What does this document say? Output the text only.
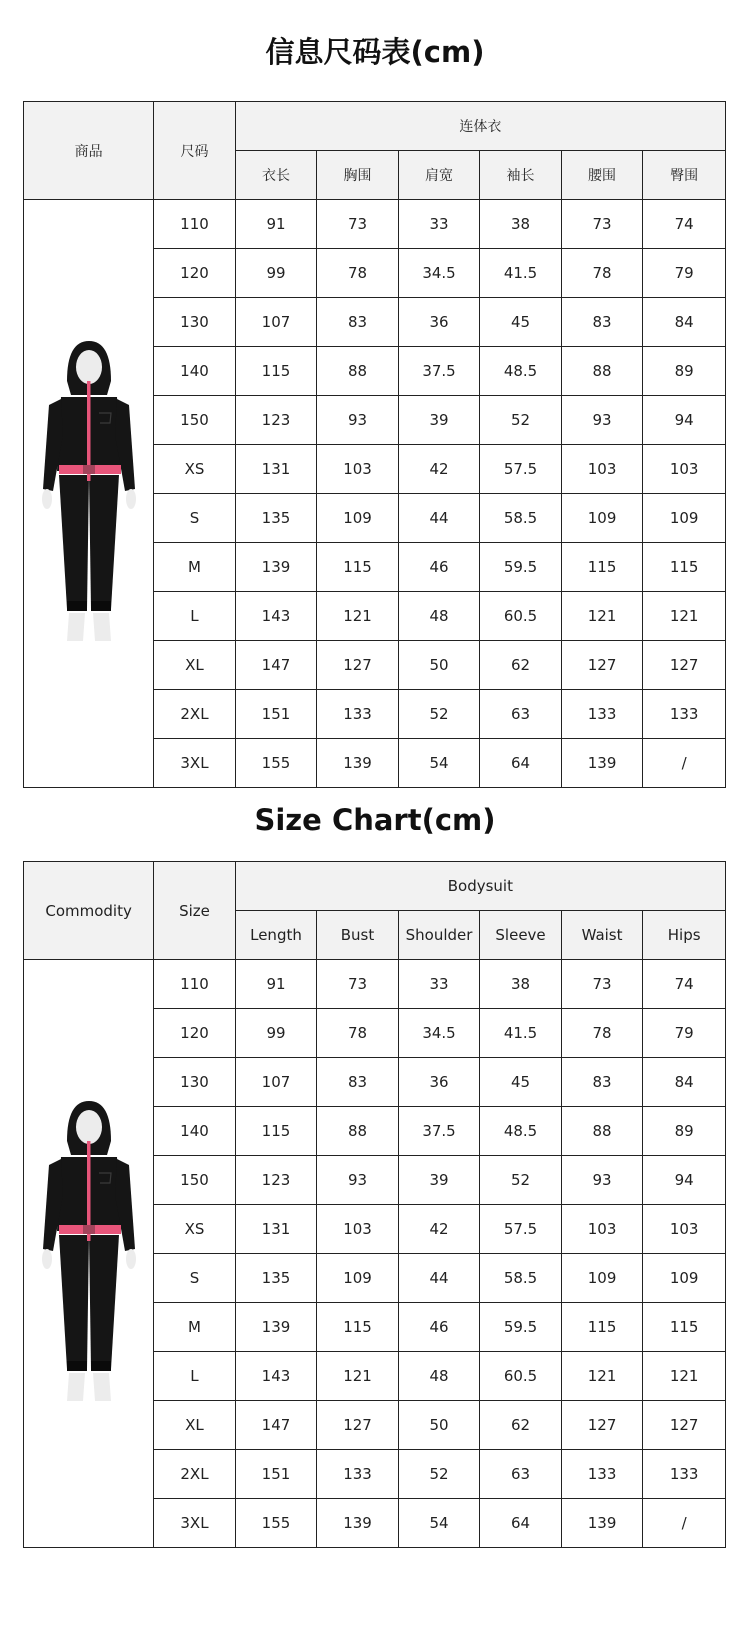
信息尺码表(cm)
商品	尺码	连体衣					
		衣长	胸围	肩宽	袖长	腰围	臀围

	110	91	73	33	38	73	74
	120	99	78	34.5	41.5	78	79
	130	107	83	36	45	83	84
	140	115	88	37.5	48.5	88	89
	150	123	93	39	52	93	94
	XS	131	103	42	57.5	103	103
	S	135	109	44	58.5	109	109
	M	139	115	46	59.5	115	115
	L	143	121	48	60.5	121	121
	XL	147	127	50	62	127	127
	2XL	151	133	52	63	133	133
	3XL	155	139	54	64	139	/
Size Chart(cm)
Commodity	Size	Bodysuit					
		Length	Bust	Shoulder	Sleeve	Waist	Hips

	110	91	73	33	38	73	74
	120	99	78	34.5	41.5	78	79
	130	107	83	36	45	83	84
	140	115	88	37.5	48.5	88	89
	150	123	93	39	52	93	94
	XS	131	103	42	57.5	103	103
	S	135	109	44	58.5	109	109
	M	139	115	46	59.5	115	115
	L	143	121	48	60.5	121	121
	XL	147	127	50	62	127	127
	2XL	151	133	52	63	133	133
	3XL	155	139	54	64	139	/
